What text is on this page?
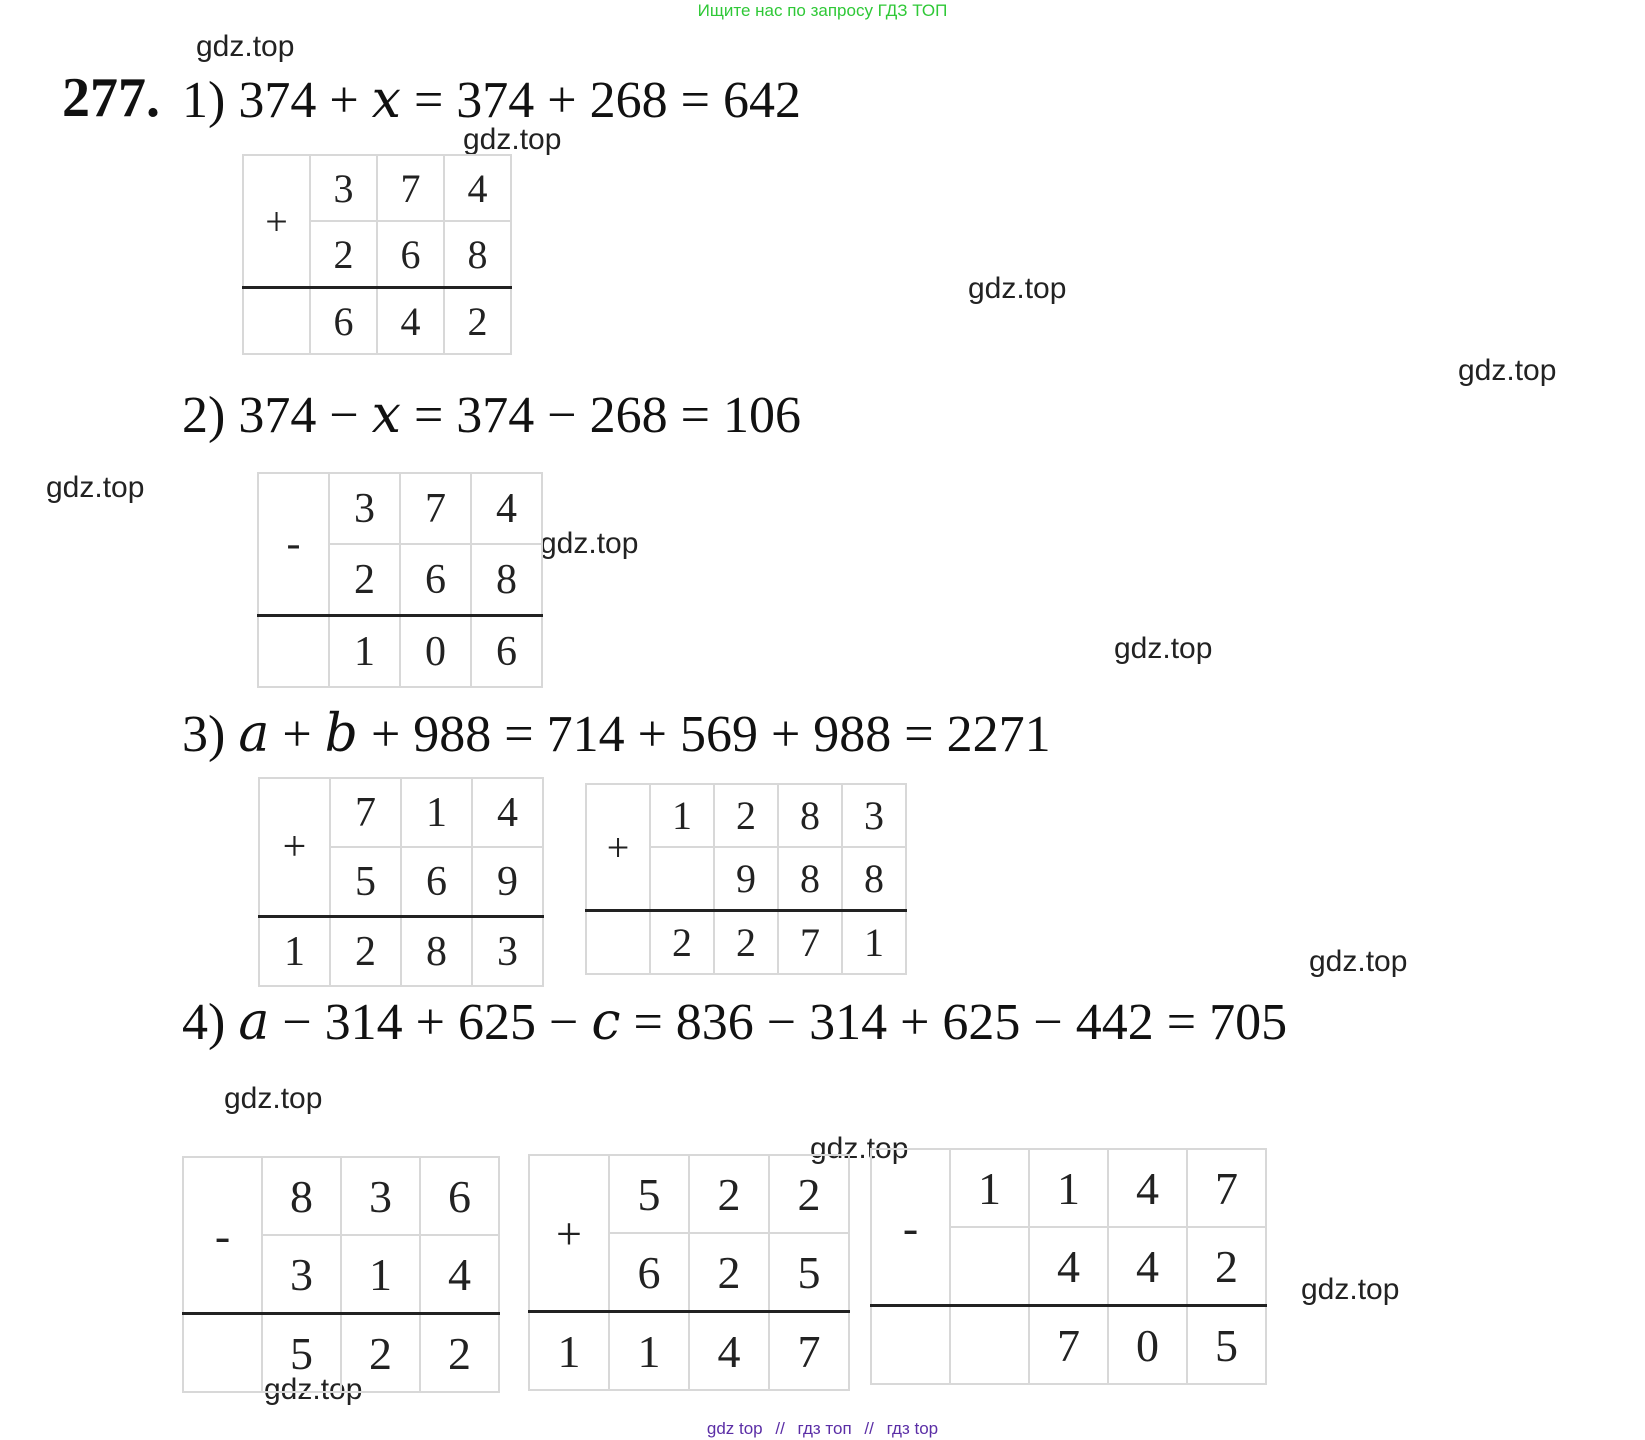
Ищите нас по запросу ГДЗ ТОП
gdz.top
gdz.top
gdz.top
gdz.top
gdz.top
gdz.top
gdz.top
gdz.top
gdz.top
gdz.top
gdz.top
gdz.top
277. 1) 374 + x = 374 + 268 = 642
2) 374 − x = 374 − 268 = 106
3) a + b + 988 = 714 + 569 + 988 = 2271
4) a − 314 + 625 − c = 836 − 314 + 625 − 442 = 705
+	3	7	4
	2	6	8
	6	4	2
-	3	7	4
	2	6	8
	1	0	6
+	7	1	4
	5	6	9
1	2	8	3
+	1	2	8	3
		9	8	8
	2	2	7	1
-	8	3	6
	3	1	4
	5	2	2
+	5	2	2
	6	2	5
1	1	4	7
-	1	1	4	7
		4	4	2
		7	0	5
gdz top // гдз топ // гдз top
